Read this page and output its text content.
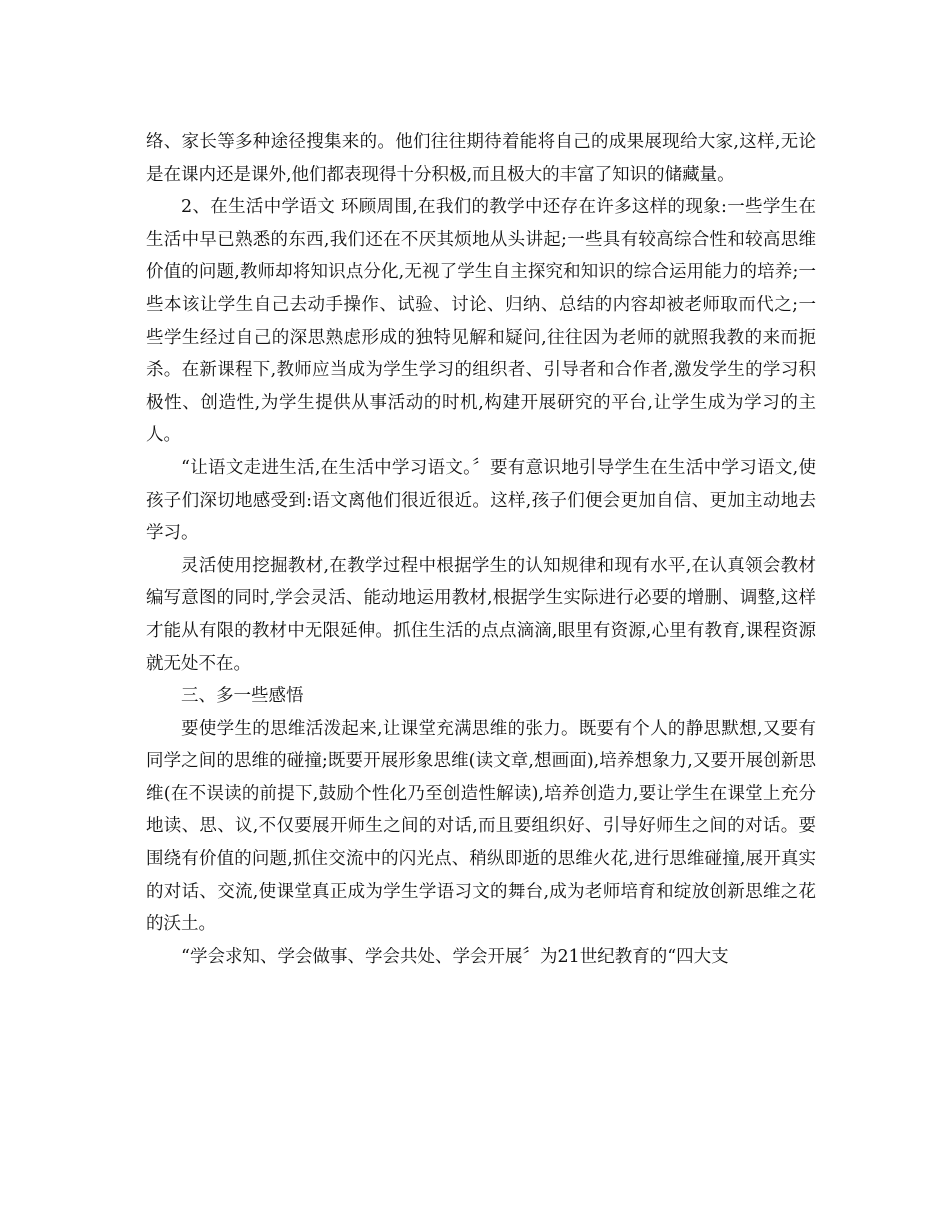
络、家长等多种途径搜集来的。他们往往期待着能将自己的成果展现给大家,这样,无论是在课内还是课外,他们都表现得十分积极,而且极大的丰富了知识的储藏量。

2、在生活中学语文 环顾周围,在我们的教学中还存在许多这样的现象:一些学生在生活中早已熟悉的东西,我们还在不厌其烦地从头讲起;一些具有较高综合性和较高思维价值的问题,教师却将知识点分化,无视了学生自主探究和知识的综合运用能力的培养;一些本该让学生自己去动手操作、试验、讨论、归纳、总结的内容却被老师取而代之;一些学生经过自己的深思熟虑形成的独特见解和疑问,往往因为老师的就照我教的来而扼杀。在新课程下,教师应当成为学生学习的组织者、引导者和合作者,激发学生的学习积极性、创造性,为学生提供从事活动的时机,构建开展研究的平台,让学生成为学习的主人。

“让语文走进生活,在生活中学习语文。〞要有意识地引导学生在生活中学习语文,使孩子们深切地感受到:语文离他们很近很近。这样,孩子们便会更加自信、更加主动地去学习。

灵活使用挖掘教材,在教学过程中根据学生的认知规律和现有水平,在认真领会教材编写意图的同时,学会灵活、能动地运用教材,根据学生实际进行必要的增删、调整,这样才能从有限的教材中无限延伸。抓住生活的点点滴滴,眼里有资源,心里有教育,课程资源就无处不在。

三、多一些感悟

要使学生的思维活泼起来,让课堂充满思维的张力。既要有个人的静思默想,又要有同学之间的思维的碰撞;既要开展形象思维(读文章,想画面),培养想象力,又要开展创新思维(在不误读的前提下,鼓励个性化乃至创造性解读),培养创造力,要让学生在课堂上充分地读、思、议,不仅要展开师生之间的对话,而且要组织好、引导好师生之间的对话。要围绕有价值的问题,抓住交流中的闪光点、稍纵即逝的思维火花,进行思维碰撞,展开真实的对话、交流,使课堂真正成为学生学语习文的舞台,成为老师培育和绽放创新思维之花的沃土。

“学会求知、学会做事、学会共处、学会开展〞为21世纪教育的“四大支
